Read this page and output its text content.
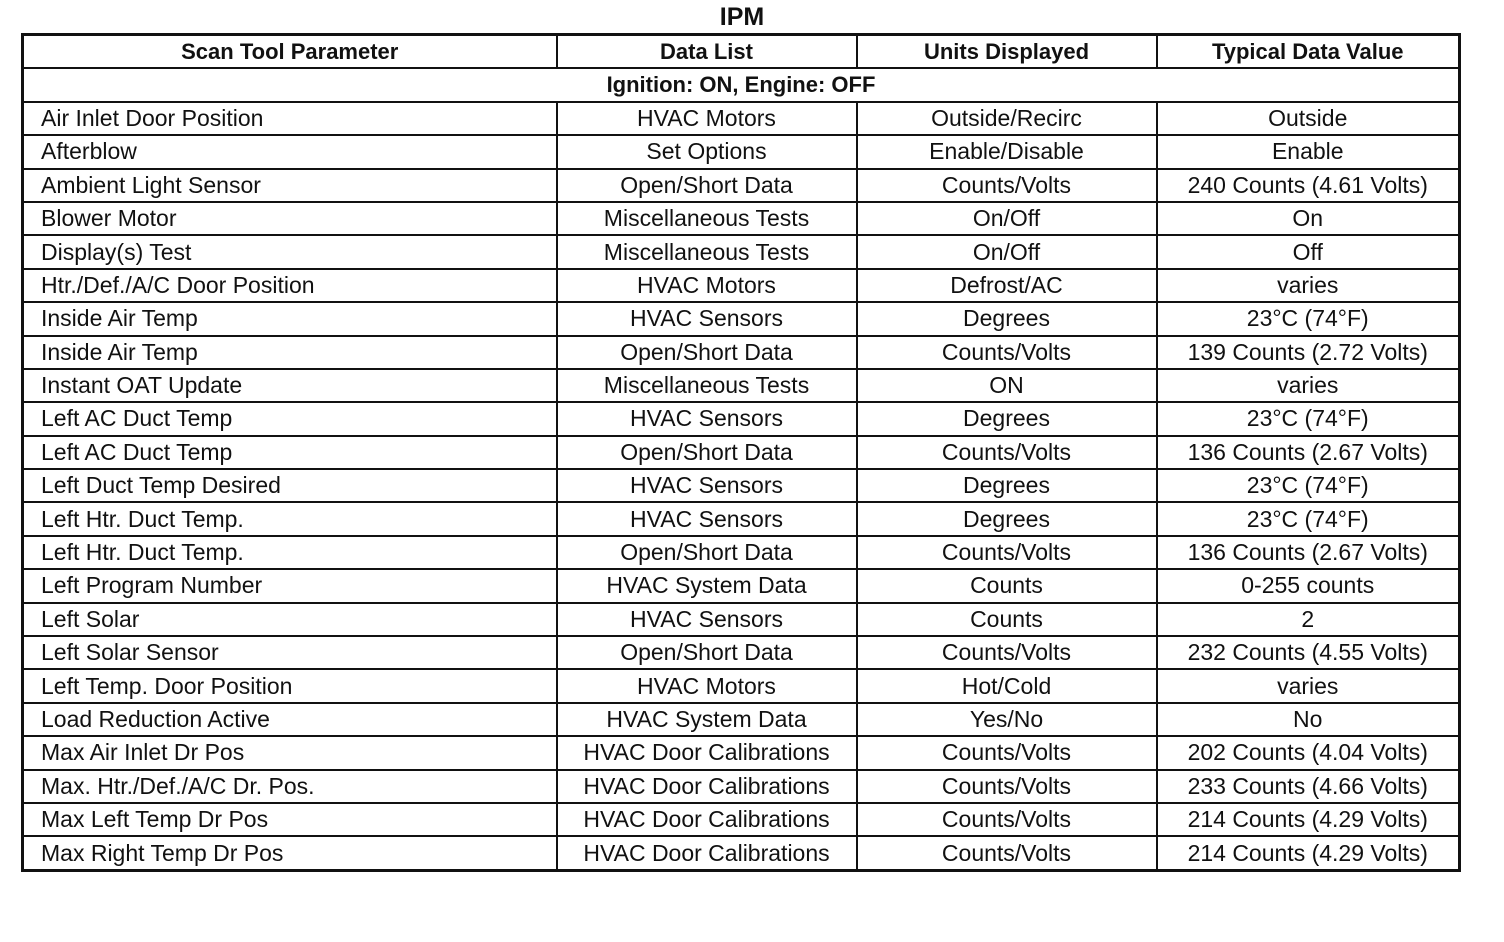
IPM
Scan Tool Parameter	Data List	Units Displayed	Typical Data Value
Ignition: ON, Engine: OFF			
Air Inlet Door Position	HVAC Motors	Outside/Recirc	Outside
Afterblow	Set Options	Enable/Disable	Enable
Ambient Light Sensor	Open/Short Data	Counts/Volts	240 Counts (4.61 Volts)
Blower Motor	Miscellaneous Tests	On/Off	On
Display(s) Test	Miscellaneous Tests	On/Off	Off
Htr./Def./A/C Door Position	HVAC Motors	Defrost/AC	varies
Inside Air Temp	HVAC Sensors	Degrees	23°C (74°F)
Inside Air Temp	Open/Short Data	Counts/Volts	139 Counts (2.72 Volts)
Instant OAT Update	Miscellaneous Tests	ON	varies
Left AC Duct Temp	HVAC Sensors	Degrees	23°C (74°F)
Left AC Duct Temp	Open/Short Data	Counts/Volts	136 Counts (2.67 Volts)
Left Duct Temp Desired	HVAC Sensors	Degrees	23°C (74°F)
Left Htr. Duct Temp.	HVAC Sensors	Degrees	23°C (74°F)
Left Htr. Duct Temp.	Open/Short Data	Counts/Volts	136 Counts (2.67 Volts)
Left Program Number	HVAC System Data	Counts	0-255 counts
Left Solar	HVAC Sensors	Counts	2
Left Solar Sensor	Open/Short Data	Counts/Volts	232 Counts (4.55 Volts)
Left Temp. Door Position	HVAC Motors	Hot/Cold	varies
Load Reduction Active	HVAC System Data	Yes/No	No
Max Air Inlet Dr Pos	HVAC Door Calibrations	Counts/Volts	202 Counts (4.04 Volts)
Max. Htr./Def./A/C Dr. Pos.	HVAC Door Calibrations	Counts/Volts	233 Counts (4.66 Volts)
Max Left Temp Dr Pos	HVAC Door Calibrations	Counts/Volts	214 Counts (4.29 Volts)
Max Right Temp Dr Pos	HVAC Door Calibrations	Counts/Volts	214 Counts (4.29 Volts)
